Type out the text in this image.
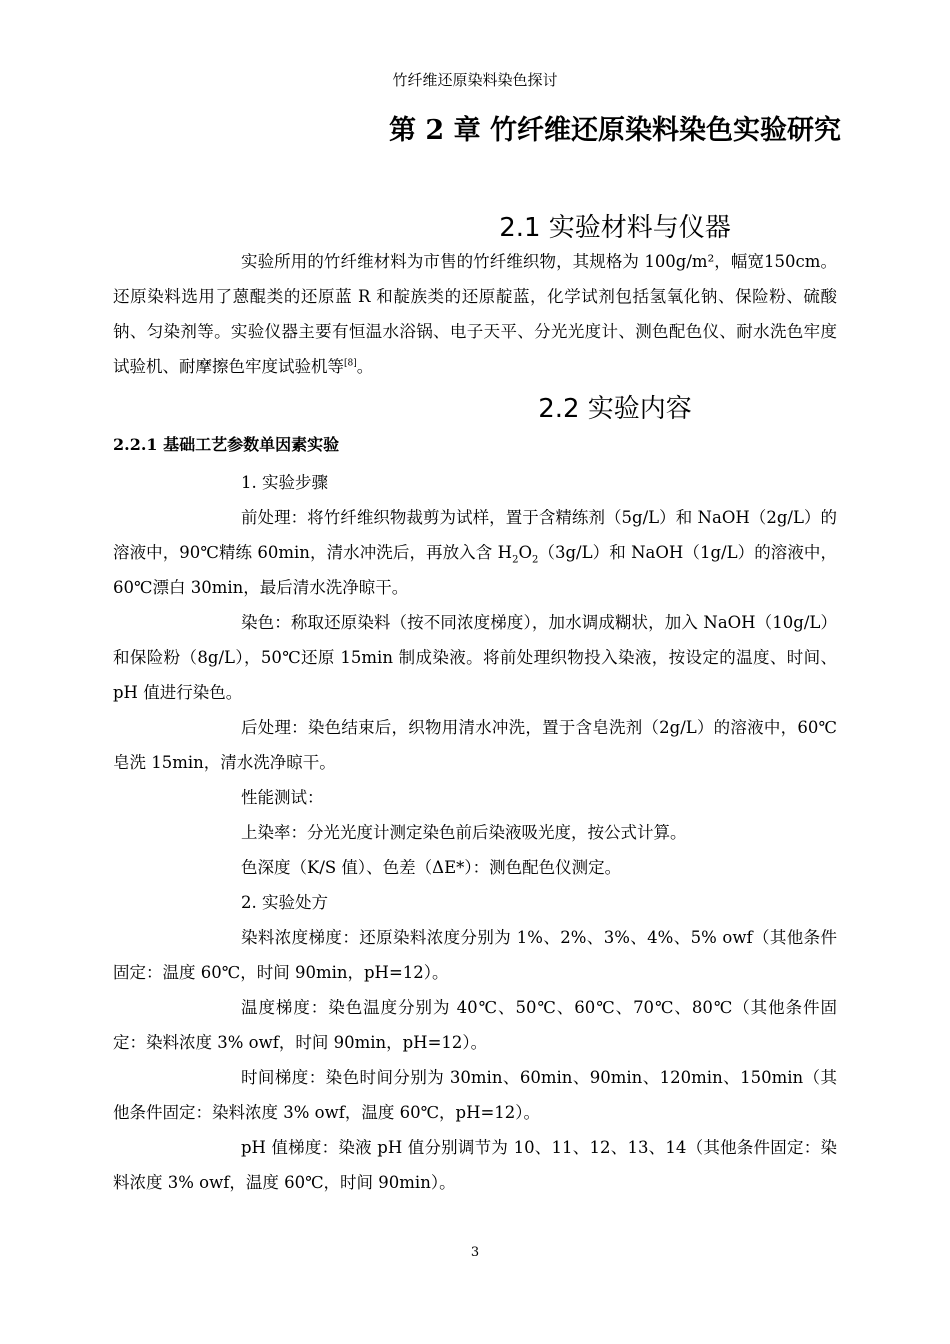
竹纤维还原染料染色探讨
第 2 章 竹纤维还原染料染色实验研究
2.1 实验材料与仪器
实验所用的竹纤维材料为市售的竹纤维织物，其规格为 100g/m²，幅宽150cm。还原染料选用了蒽醌类的还原蓝 R 和靛族类的还原靛蓝，化学试剂包括氢氧化钠、保险粉、硫酸钠、匀染剂等。实验仪器主要有恒温水浴锅、电子天平、分光光度计、测色配色仪、耐水洗色牢度试验机、耐摩擦色牢度试验机等[8]。
2.2 实验内容
2.2.1 基础工艺参数单因素实验
1. 实验步骤
前处理：将竹纤维织物裁剪为试样，置于含精练剂（5g/L）和 NaOH（2g/L）的溶液中，90℃精练 60min，清水冲洗后，再放入含 $H_2O_2(3g/L)$和 NaOH（1g/L）的溶液中，60℃漂白 30min，最后清水洗净晾干。
染色：称取还原染料（按不同浓度梯度），加水调成糊状，加入 NaOH（10g/L）和保险粉（8g/L），50℃还原 15min 制成染液。将前处理织物投入染液，按设定的温度、时间、pH 值进行染色。
后处理：染色结束后，织物用清水冲洗，置于含皂洗剂（2g/L）的溶液中，60℃皂洗 15min，清水洗净晾干。
性能测试：
上染率：分光光度计测定染色前后染液吸光度，按公式计算。
色深度（K/S 值）、色差（ΔE*）：测色配色仪测定。
2. 实验处方
染料浓度梯度：还原染料浓度分别为 1%、2%、3%、4%、5% owf（其他条件固定：温度 60℃，时间 90min，pH=12）。
温度梯度：染色温度分别为 40℃、50℃、60℃、70℃、80℃（其他条件固定：染料浓度 3% owf，时间 90min，pH=12）。
时间梯度：染色时间分别为 30min、60min、90min、120min、150min（其他条件固定：染料浓度 3% owf，温度 60℃，pH=12）。
pH 值梯度：染液 pH 值分别调节为 10、11、12、13、14（其他条件固定：染料浓度 3% owf，温度 60℃，时间 90min）。
3
